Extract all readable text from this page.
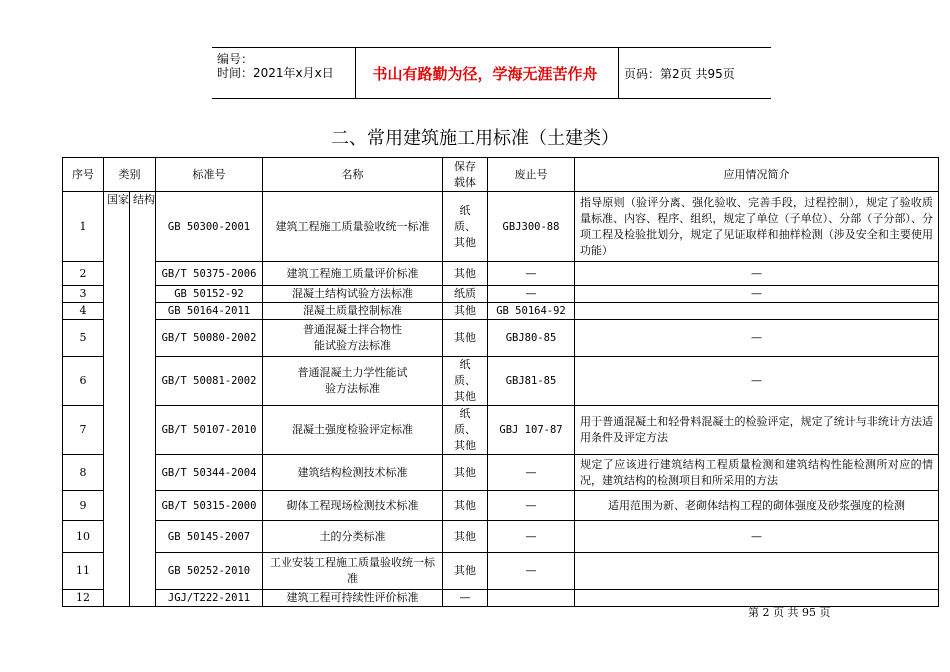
编号：
时间：2021年x月x日	书山有路勤为径，学海无涯苦作舟	页码：第2页 共95页
二、常用建筑施工用标准（土建类）
序号	类别		标准号	名称	保存载体	废止号	应用情况简介
1	国家	结构	GB 50300-2001	建筑工程施工质量验收统一标准	纸质、其他	GBJ300-88	指导原则（验评分离、强化验收、完善手段，过程控制），规定了验收质量标准、内容、程序、组织，规定了单位（子单位）、分部（子分部）、分项工程及检验批划分，规定了见证取样和抽样检测（涉及安全和主要使用功能）
2			GB/T 50375-2006	建筑工程施工质量评价标准	其他	—	—
3			GB 50152-92	混凝土结构试验方法标准	纸质	—	—
4			GB 50164-2011	混凝土质量控制标准	其他	GB 50164-92	
5			GB/T 50080-2002	普通混凝土拌合物性能试验方法标准	其他	GBJ80-85	—
6			GB/T 50081-2002	普通混凝土力学性能试验方法标准	纸质、其他	GBJ81-85	—
7			GB/T 50107-2010	混凝土强度检验评定标准	纸质、其他	GBJ 107-87	用于普通混凝土和轻骨料混凝土的检验评定，规定了统计与非统计方法适用条件及评定方法
8			GB/T 50344-2004	建筑结构检测技术标准	其他	—	规定了应该进行建筑结构工程质量检测和建筑结构性能检测所对应的情况，建筑结构的检测项目和所采用的方法
9			GB/T 50315-2000	砌体工程现场检测技术标准	其他	—	适用范围为新、老砌体结构工程的砌体强度及砂浆强度的检测
10			GB 50145-2007	土的分类标准	其他	—	—
11			GB 50252-2010	工业安装工程施工质量验收统一标准	其他	—	
12			JGJ/T222-2011	建筑工程可持续性评价标准	—		
第 2 页 共 95 页
